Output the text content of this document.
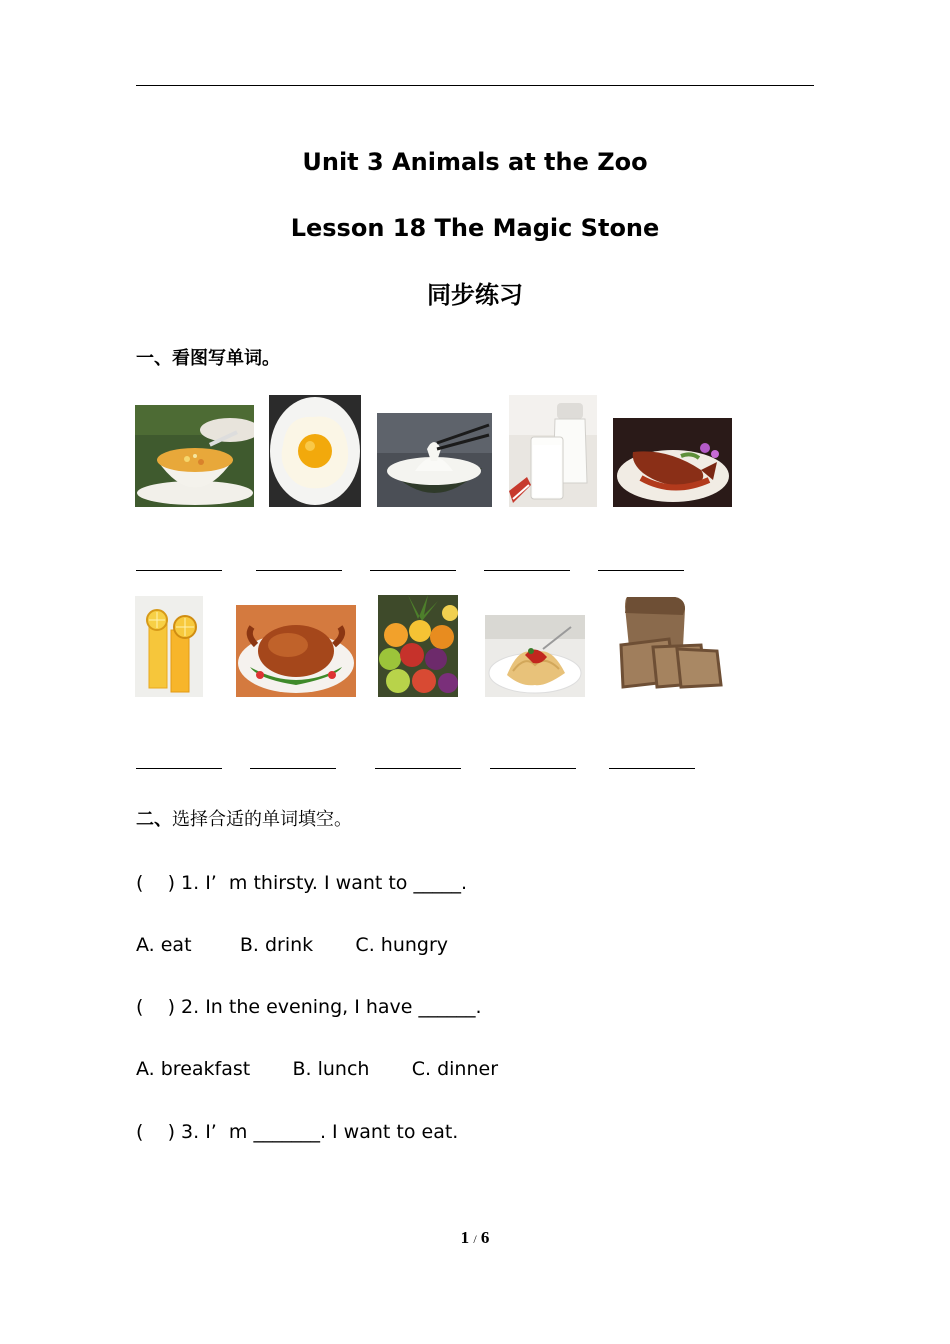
Unit 3 Animals at the Zoo
Lesson 18 The Magic Stone
同步练习
一、看图写单词。
二、选择合适的单词填空。
(    ) 1. I’  m thirsty. I want to _____.
A. eat        B. drink       C. hungry
(    ) 2. In the evening, I have ______.
A. breakfast       B. lunch       C. dinner
(    ) 3. I’  m _______. I want to eat.
1 / 6
